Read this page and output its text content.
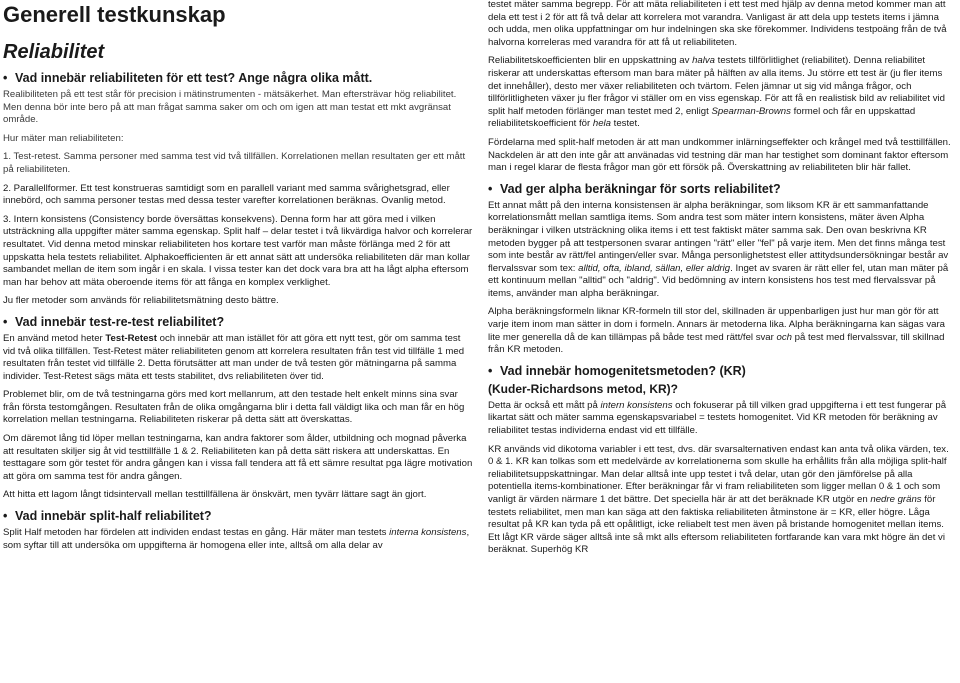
Generell testkunskap
Reliabilitet
• Vad innebär reliabiliteten för ett test? Ange några olika mått.

Realibiliteten på ett test står för precision i mätinstrumenten - mätsäkerhet. Man eftersträvar hög reliabilitet. Men denna bör inte bero på att man frågat samma saker om och om igen att man testat ett mkt avgränsat område.

Hur mäter man reliabiliteten:

1. Test-retest. Samma personer med samma test vid två tillfällen. Korrelationen mellan resultaten ger ett mått på reliabiliteten.

2. Parallellformer. Ett test konstrueras samtidigt som en parallell variant med samma svårighetsgrad, eller innebörd, och samma personer testas med dessa tester varefter korrelationen beräknas. Ovanlig metod.

3. Intern konsistens (Consistency borde översättas konsekvens). Denna form har att göra med i vilken utsträckning alla uppgifter mäter samma egenskap. Split half – delar testet i två likvärdiga halvor och korrelerar resultatet. Vid denna metod minskar reliabiliteten hos kortare test varför man måste förlänga med 2 för att uppskatta hela testets reliabilitet. Alphakoefficienten är ett annat sätt att undersöka reliabiliteten där man kollar sambandet mellan de item som ingår i en skala. I vissa tester kan det dock vara bra att ha lågt alpha eftersom man har behov att mäta oberoende items för att fånga en komplex verklighet.

Ju fler metoder som används för reliabilitetsmätning desto bättre.

• Vad innebär test-re-test reliabilitet?

En använd metod heter Test-Retest och innebär att man istället för att göra ett nytt test, gör om samma test vid två olika tillfällen. Test-Retest mäter reliabiliteten genom att korrelera resultaten från test vid tillfälle 1 med resultaten från testet vid tillfälle 2. Detta förutsätter att man under de två testen gör mätningarna på samma individer. Test-Retest sägs mäta ett tests stabilitet, dvs reliabiliteten över tid.

Problemet blir, om de två testningarna görs med kort mellanrum, att den testade helt enkelt minns sina svar från första testomgången. Resultaten från de olika omgångarna blir i detta fall väldigt lika och man får en hög korrelation mellan testningarna. Reliabiliteten riskerar på detta sätt att överskattas.

Om däremot lång tid löper mellan testningarna, kan andra faktorer som ålder, utbildning och mognad påverka att resultaten skiljer sig åt vid testtillfälle 1 & 2. Reliabiliteten kan på detta sätt riskera att underskattas. En testtagare som gör testet för andra gången kan i vissa fall tendera att få ett sämre resultat pga lägre motivation att göra om samma test för andra gången.

Att hitta ett lagom långt tidsintervall mellan testtillfällena är önskvärt, men tyvärr lättare sagt än gjort.

• Vad innebär split-half reliabilitet?

Split Half metoden har fördelen att individen endast testas en gång. Här mäter man testets interna konsistens, som syftar till att undersöka om uppgifterna är homogena eller inte, alltså om alla delar av

testet mäter samma begrepp. För att mäta reliabiliteten i ett test med hjälp av denna metod kommer man att dela ett test i 2 för att få två delar att korrelera mot varandra. Vanligast är att dela upp testets items i jämna och udda, men olika uppfattningar om hur indelningen ska ske förekommer. Individens testpoäng från de två halvorna korreleras med varandra för att få ut reliabiliteten.

Reliabilitetskoefficienten blir en uppskattning av halva testets tillförlitlighet (reliabilitet). Denna reliabilitet riskerar att underskattas eftersom man bara mäter på hälften av alla items. Ju större ett test är (ju fler items det innehåller), desto mer växer reliabiliteten och tvärtom. Felen jämnar ut sig vid många frågor, och tillförlitligheten växer ju fler frågor vi ställer om en viss egenskap. För att få en realistisk bild av reliabilitet vid split half metoden förlänger man testet med 2, enligt Spearman-Browns formel och får en uppskattad reliabilitetskoefficient för hela testet.

Fördelarna med split-half metoden är att man undkommer inlärningseffekter och krångel med två testtillfällen. Nackdelen är att den inte går att använadas vid testning där man har testighet som dominant faktor eftersom man i regel klarar de flesta frågor man gör ett försök på. Överskattning av reliabiliteten blir här fallet.

• Vad ger alpha beräkningar för sorts reliabilitet?

Ett annat mått på den interna konsistensen är alpha beräkningar, som liksom KR är ett sammanfattande korrelationsmått mellan samtliga items. Som andra test som mäter intern konsistens, mäter även Alpha beräkningar i vilken utsträckning olika items i ett test faktiskt mäter samma sak. Den ovan beskrivna KR metoden bygger på att testpersonen svarar antingen "rätt" eller "fel" på varje item. Men det finns många test som inte består av rätt/fel antingen/eller svar. Många personlighetstest eller attitydsundersökningar består av flervalssvar som tex: alltid, ofta, ibland, sällan, eller aldrig. Inget av svaren är rätt eller fel, utan man mäter på ett kontinuum mellan "alltid" och "aldrig". Vid bedömning av intern konsistens hos test med flervalssvar på items, använder man alpha beräkningar.

Alpha beräkningsformeln liknar KR-formeln till stor del, skillnaden är uppenbarligen just hur man gör för att varje item inom man sätter in dom i formeln. Annars är metoderna lika. Alpha beräkningarna kan sägas vara lite mer generella då de kan tillämpas på både test med rätt/fel svar och på test med flervalssvar, till skillnad från KR metoden.

• Vad innebär homogenitetsmetoden? (KR)
(Kuder-Richardsons metod, KR)?

Detta är också ett mått på intern konsistens och fokuserar på till vilken grad uppgifterna i ett test fungerar på likartat sätt och mäter samma egenskapsvariabel = testets homogenitet. Vid KR metoden för beräkning av reliabilitet testas individerna endast vid ett tillfälle.

KR används vid dikotoma variabler i ett test, dvs. där svarsalternativen endast kan anta två olika värden, tex. 0 & 1. KR kan tolkas som ett medelvärde av korrelationerna som skulle ha erhållits från alla möjliga split-half reliabilitetsuppskattningar. Man delar alltså inte upp testet i två delar, utan gör den jämförelse på alla potentiella items-kombinationer. Efter beräkningar får vi fram reliabiliteten som ligger mellan 0 & 1 och som vanligt är värden närmare 1 det bättre. Det speciella här är att det beräknade KR utgör en nedre gräns för testets reliabilitet, men man kan säga att den faktiska reliabiliteten åtminstone är = KR, eller högre. Låga resultat på KR kan tyda på ett opålitligt, icke reliabelt test men även på bristande homogenitet mellan items. Ett lågt KR värde säger alltså inte så mkt alls eftersom reliabiliteten fortfarande kan vara mkt högre än det vi beräknat. Superhög KR
